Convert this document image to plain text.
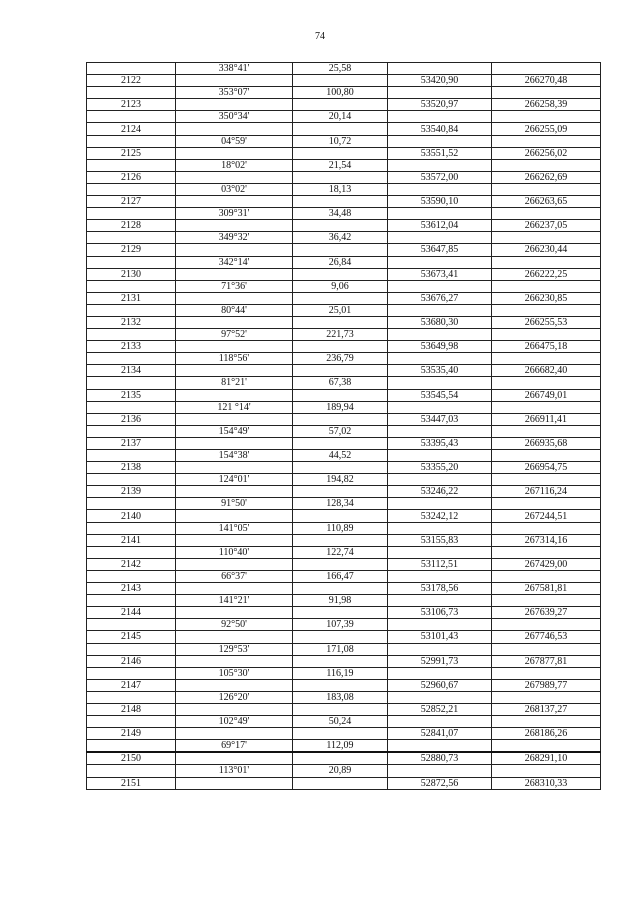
74
	338°41'	25,58		
2122			53420,90	266270,48
	353°07'	100,80		
2123			53520,97	266258,39
	350°34'	20,14		
2124			53540,84	266255,09
	04°59'	10,72		
2125			53551,52	266256,02
	18°02'	21,54		
2126			53572,00	266262,69
	03°02'	18,13		
2127			53590,10	266263,65
	309°31'	34,48		
2128			53612,04	266237,05
	349°32'	36,42		
2129			53647,85	266230,44
	342°14'	26,84		
2130			53673,41	266222,25
	71°36'	9,06		
2131			53676,27	266230,85
	80°44'	25,01		
2132			53680,30	266255,53
	97°52'	221,73		
2133			53649,98	266475,18
	118°56'	236,79		
2134			53535,40	266682,40
	81°21'	67,38		
2135			53545,54	266749,01
	121 °14'	189,94		
2136			53447,03	266911,41
	154°49'	57,02		
2137			53395,43	266935,68
	154°38'	44,52		
2138			53355,20	266954,75
	124°01'	194,82		
2139			53246,22	267116,24
	91°50'	128,34		
2140			53242,12	267244,51
	141°05'	110,89		
2141			53155,83	267314,16
	110°40'	122,74		
2142			53112,51	267429,00
	66°37'	166,47		
2143			53178,56	267581,81
	141°21'	91,98		
2144			53106,73	267639,27
	92°50'	107,39		
2145			53101,43	267746,53
	129°53'	171,08		
2146			52991,73	267877,81
	105°30'	116,19		
2147			52960,67	267989,77
	126°20'	183,08		
2148			52852,21	268137,27
	102°49'	50,24		
2149			52841,07	268186,26
	69°17'	112,09		
2150			52880,73	268291,10
	113°01'	20,89		
2151			52872,56	268310,33
